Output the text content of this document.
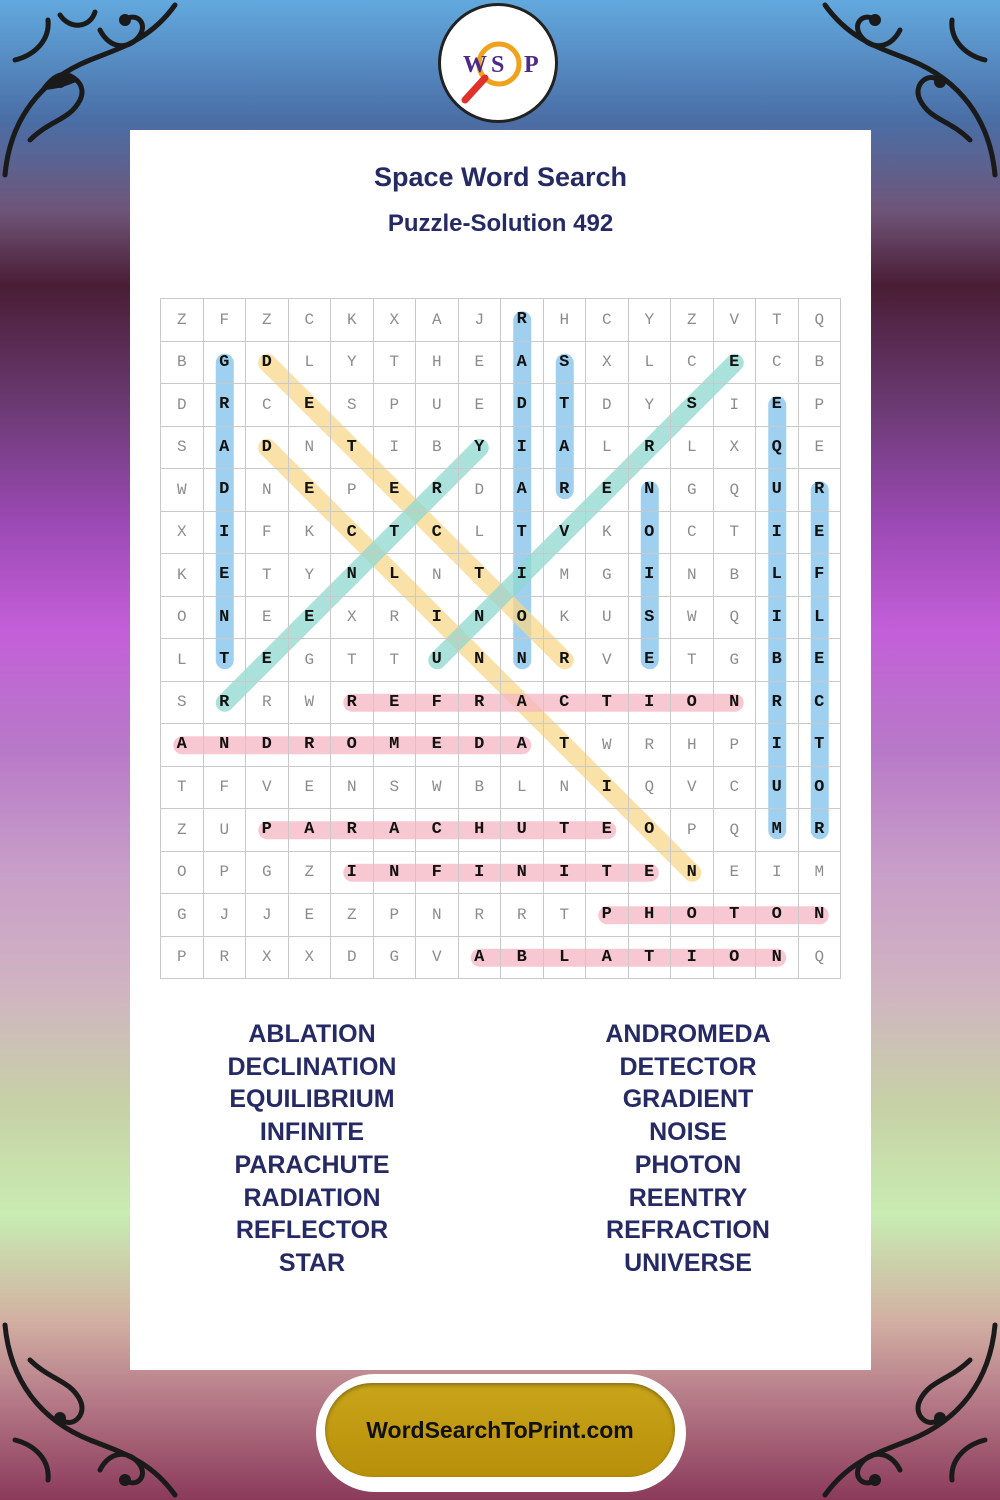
W S P
Space Word Search
Puzzle-Solution 492
Z	F	Z	C	K	X	A	J	R	H	C	Y	Z	V	T	Q
B	G	D	L	Y	T	H	E	A	S	X	L	C	E	C	B
D	R	C	E	S	P	U	E	D	T	D	Y	S	I	E	P
S	A	D	N	T	I	B	Y	I	A	L	R	L	X	Q	E
W	D	N	E	P	E	R	D	A	R	E	N	G	Q	U	R
X	I	F	K	C	T	C	L	T	V	K	O	C	T	I	E
K	E	T	Y	N	L	N	T	I	M	G	I	N	B	L	F
O	N	E	E	X	R	I	N	O	K	U	S	W	Q	I	L
L	T	E	G	T	T	U	N	N	R	V	E	T	G	B	E
S	R	R	W	R	E	F	R	A	C	T	I	O	N	R	C
A	N	D	R	O	M	E	D	A	T	W	R	H	P	I	T
T	F	V	E	N	S	W	B	L	N	I	Q	V	C	U	O
Z	U	P	A	R	A	C	H	U	T	E	O	P	Q	M	R
O	P	G	Z	I	N	F	I	N	I	T	E	N	E	I	M
G	J	J	E	Z	P	N	R	R	T	P	H	O	T	O	N
P	R	X	X	D	G	V	A	B	L	A	T	I	O	N	Q
ABLATION
DECLINATION
EQUILIBRIUM
INFINITE
PARACHUTE
RADIATION
REFLECTOR
STAR
ANDROMEDA
DETECTOR
GRADIENT
NOISE
PHOTON
REENTRY
REFRACTION
UNIVERSE
WordSearchToPrint.com
